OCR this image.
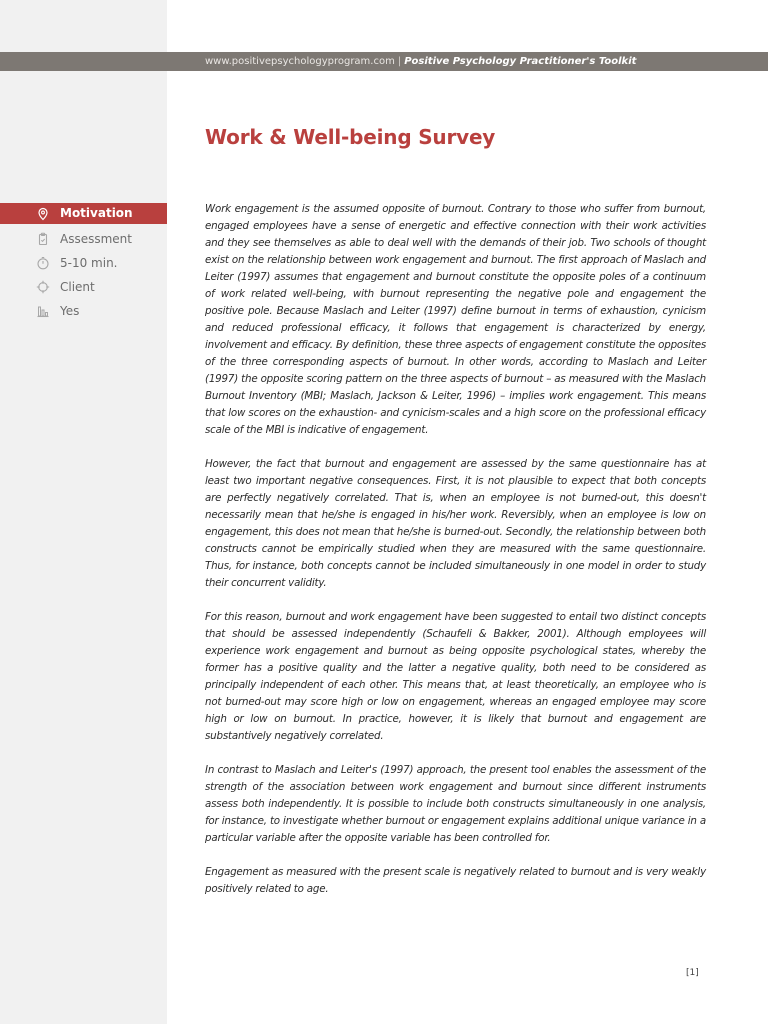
www.positivepsychologyprogram.com | Positive Psychology Practitioner's Toolkit
Work & Well-being Survey
Motivation
Assessment
5-10 min.
Client
Yes

Work engagement is the assumed opposite of burnout. Contrary to those who suffer from burnout, engaged employees have a sense of energetic and effective connection with their work activities and they see themselves as able to deal well with the demands of their job. Two schools of thought exist on the relationship between work engagement and burnout. The first approach of Maslach and Leiter (1997) assumes that engagement and burnout constitute the opposite poles of a continuum of work related well-being, with burnout representing the negative pole and engagement the positive pole. Because Maslach and Leiter (1997) define burnout in terms of exhaustion, cynicism and reduced professional efficacy, it follows that engagement is characterized by energy, involvement and efficacy. By definition, these three aspects of engagement constitute the opposites of the three corresponding aspects of burnout. In other words, according to Maslach and Leiter (1997) the opposite scoring pattern on the three aspects of burnout – as measured with the Maslach Burnout Inventory (MBI; Maslach, Jackson & Leiter, 1996) – implies work engagement. This means that low scores on the exhaustion- and cynicism-scales and a high score on the professional efficacy scale of the MBI is indicative of engagement.

However, the fact that burnout and engagement are assessed by the same questionnaire has at least two important negative consequences. First, it is not plausible to expect that both concepts are perfectly negatively correlated. That is, when an employee is not burned-out, this doesn't necessarily mean that he/she is engaged in his/her work. Reversibly, when an employee is low on engagement, this does not mean that he/she is burned-out. Secondly, the relationship between both constructs cannot be empirically studied when they are measured with the same questionnaire. Thus, for instance, both concepts cannot be included simultaneously in one model in order to study their concurrent validity.

For this reason, burnout and work engagement have been suggested to entail two distinct concepts that should be assessed independently (Schaufeli & Bakker, 2001). Although employees will experience work engagement and burnout as being opposite psychological states, whereby the former has a positive quality and the latter a negative quality, both need to be considered as principally independent of each other. This means that, at least theoretically, an employee who is not burned-out may score high or low on engagement, whereas an engaged employee may score high or low on burnout. In practice, however, it is likely that burnout and engagement are substantively negatively correlated.

In contrast to Maslach and Leiter's (1997) approach, the present tool enables the assessment of the strength of the association between work engagement and burnout since different instruments assess both independently. It is possible to include both constructs simultaneously in one analysis, for instance, to investigate whether burnout or engagement explains additional unique variance in a particular variable after the opposite variable has been controlled for.

Engagement as measured with the present scale is negatively related to burnout and is very weakly positively related to age.

[1]
